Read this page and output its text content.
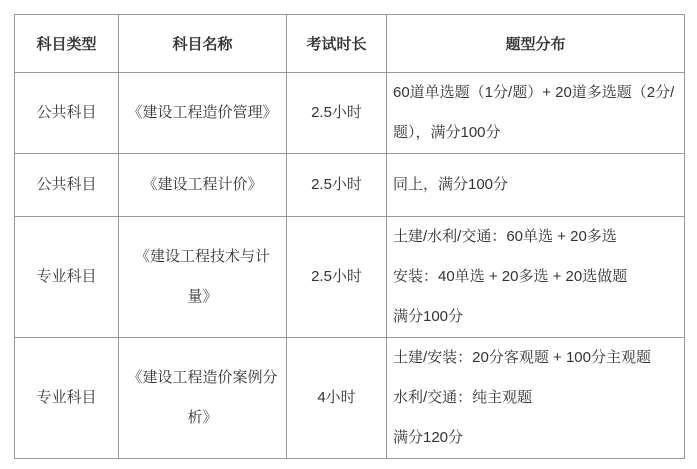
科目类型	科目名称	考试时长	题型分布
公共科目	《建设工程造价管理》	2.5小时	60道单选题（1分/题）+ 20道多选题（2分/题），满分100分

公共科目	《建设工程计价》	2.5小时	同上，满分100分

专业科目	《建设工程技术与计量》	2.5小时	土建/水利/交通：60单选 + 20多选
安装：40单选 + 20多选 + 20选做题
满分100分

专业科目	《建设工程造价案例分析》	4小时	土建/安装：20分客观题 + 100分主观题
水利/交通：纯主观题
满分120分
